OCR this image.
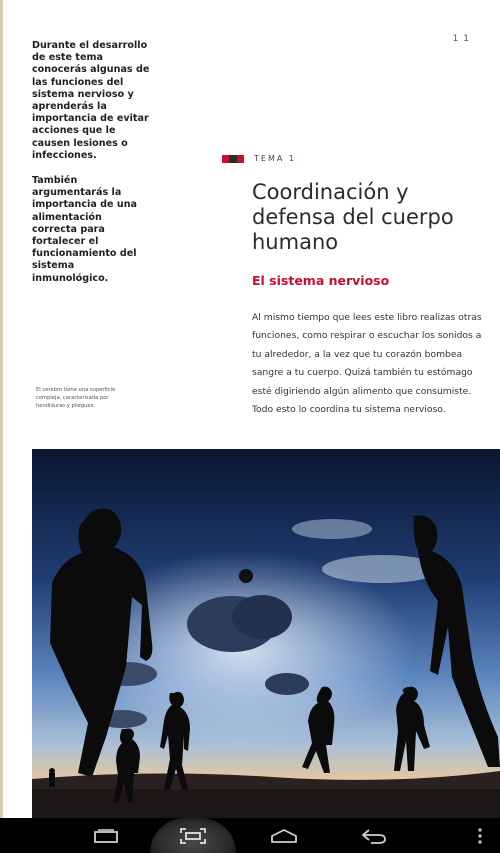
1 1

Durante el desarrollo de este tema conocerás algunas de las funciones del sistema nervioso y aprenderás la importancia de evitar acciones que le causen lesiones o infecciones.

También argumentarás la importancia de una alimentación correcta para fortalecer el funcionamiento del sistema inmunológico.

TEMA 1
Coordinación y defensa del cuerpo humano
El sistema nervioso

Al mismo tiempo que lees este libro realizas otras funciones, como respirar o escuchar los sonidos a tu alrededor, a la vez que tu corazón bombea sangre a tu cuerpo. Quizá también tu estómago esté digiriendo algún alimento que consumiste. Todo esto lo coordina tu sistema nervioso.

El cerebro tiene una superficie compleja, caracterizada por hendiduras y pliegues.
